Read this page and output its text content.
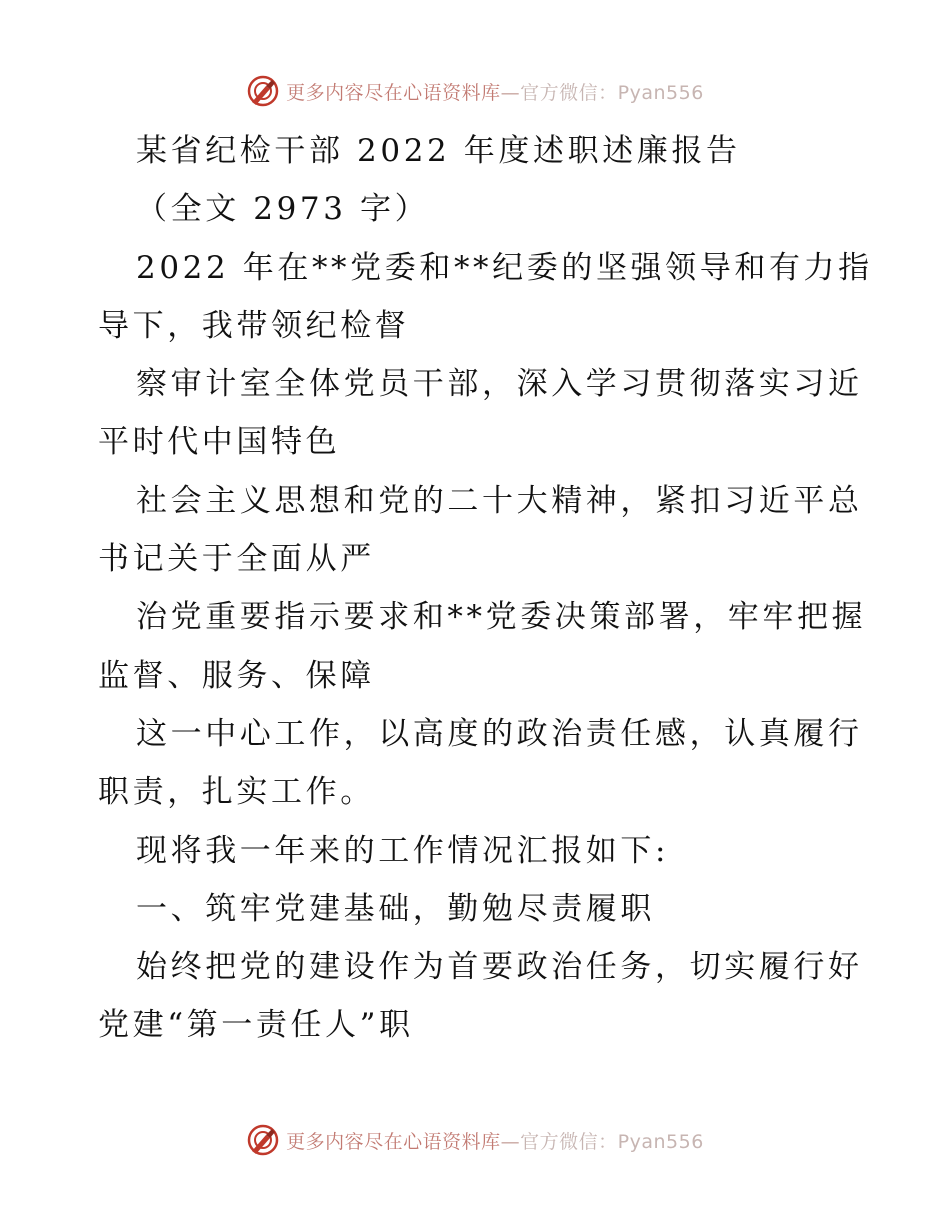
更多内容尽在心语资料库—官方微信：Pyan556
某省纪检干部 2022 年度述职述廉报告
（全文 2973 字）
2022 年在**党委和**纪委的坚强领导和有力指
导下，我带领纪检督
察审计室全体党员干部，深入学习贯彻落实习近
平时代中国特色
社会主义思想和党的二十大精神，紧扣习近平总
书记关于全面从严
治党重要指示要求和**党委决策部署，牢牢把握
监督、服务、保障
这一中心工作，以高度的政治责任感，认真履行
职责，扎实工作。
现将我一年来的工作情况汇报如下:
一、筑牢党建基础，勤勉尽责履职
始终把党的建设作为首要政治任务，切实履行好
党建“第一责任人”职
更多内容尽在心语资料库—官方微信：Pyan556
